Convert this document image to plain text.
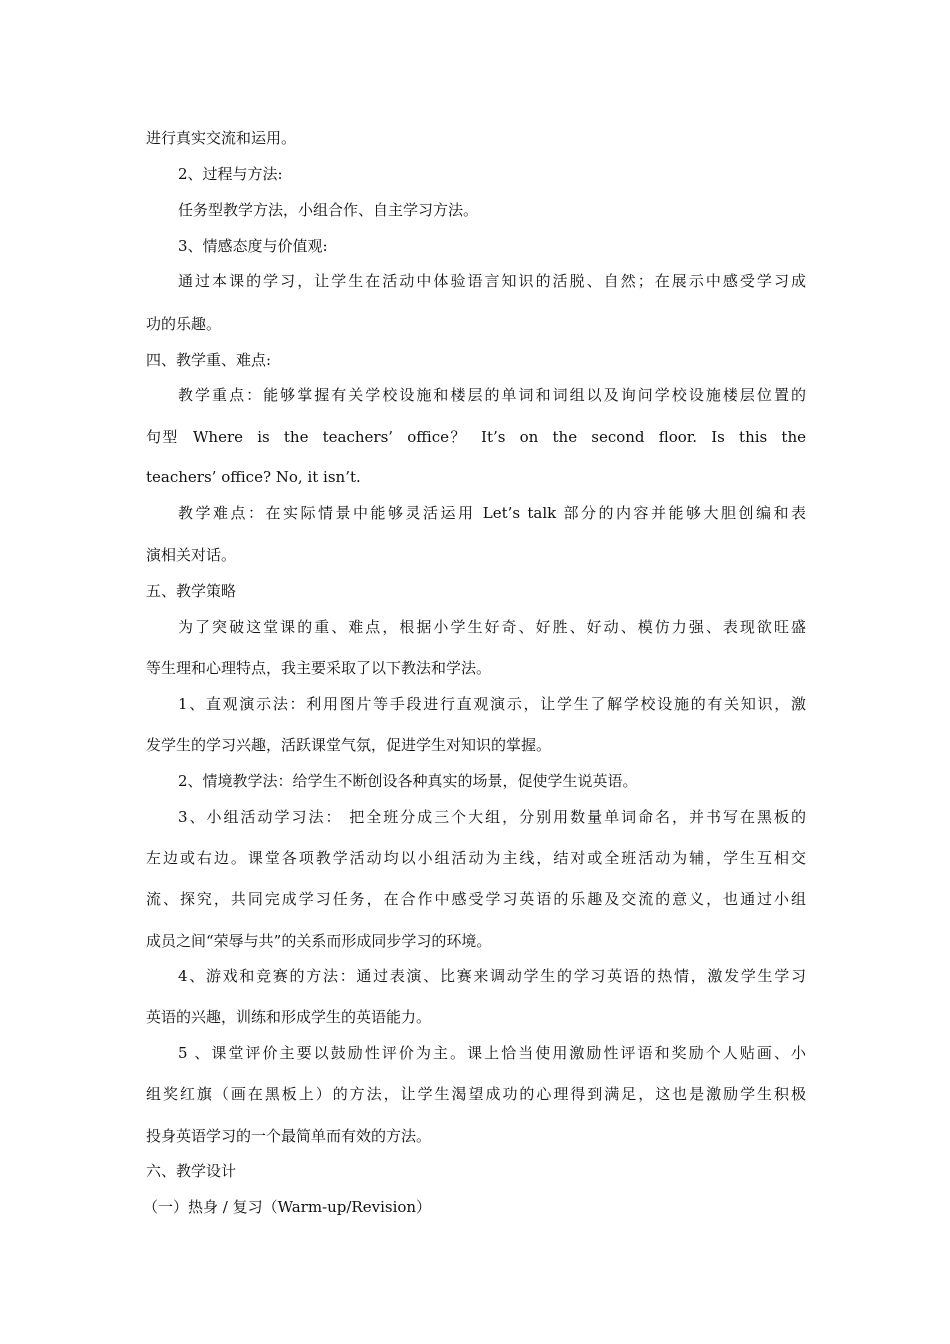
进行真实交流和运用。
2、过程与方法:
任务型教学方法，小组合作、自主学习方法。
3、情感态度与价值观:
通过本课的学习，让学生在活动中体验语言知识的活脱、自然；在展示中感受学习成
功的乐趣。
四、教学重、难点:
教学重点：能够掌握有关学校设施和楼层的单词和词组以及询问学校设施楼层位置的
句型 Where is the teachers’ office？ It’s on the second floor. Is this the
teachers’ office? No, it isn’t.
教学难点：在实际情景中能够灵活运用 Let’s talk 部分的内容并能够大胆创编和表
演相关对话。
五、教学策略
为了突破这堂课的重、难点，根据小学生好奇、好胜、好动、模仿力强、表现欲旺盛
等生理和心理特点，我主要采取了以下教法和学法。
1、直观演示法：利用图片等手段进行直观演示，让学生了解学校设施的有关知识，激
发学生的学习兴趣，活跃课堂气氛，促进学生对知识的掌握。
2、情境教学法：给学生不断创设各种真实的场景，促使学生说英语。
3、小组活动学习法： 把全班分成三个大组，分别用数量单词命名，并书写在黑板的
左边或右边。课堂各项教学活动均以小组活动为主线，结对或全班活动为辅，学生互相交
流、探究，共同完成学习任务，在合作中感受学习英语的乐趣及交流的意义，也通过小组
成员之间“荣辱与共”的关系而形成同步学习的环境。
4、游戏和竞赛的方法：通过表演、比赛来调动学生的学习英语的热情，激发学生学习
英语的兴趣，训练和形成学生的英语能力。
5 、课堂评价主要以鼓励性评价为主。课上恰当使用激励性评语和奖励个人贴画、小
组奖红旗（画在黑板上）的方法，让学生渴望成功的心理得到满足，这也是激励学生积极
投身英语学习的一个最简单而有效的方法。
六、教学设计
（一）热身 / 复习（Warm-up/Revision）
